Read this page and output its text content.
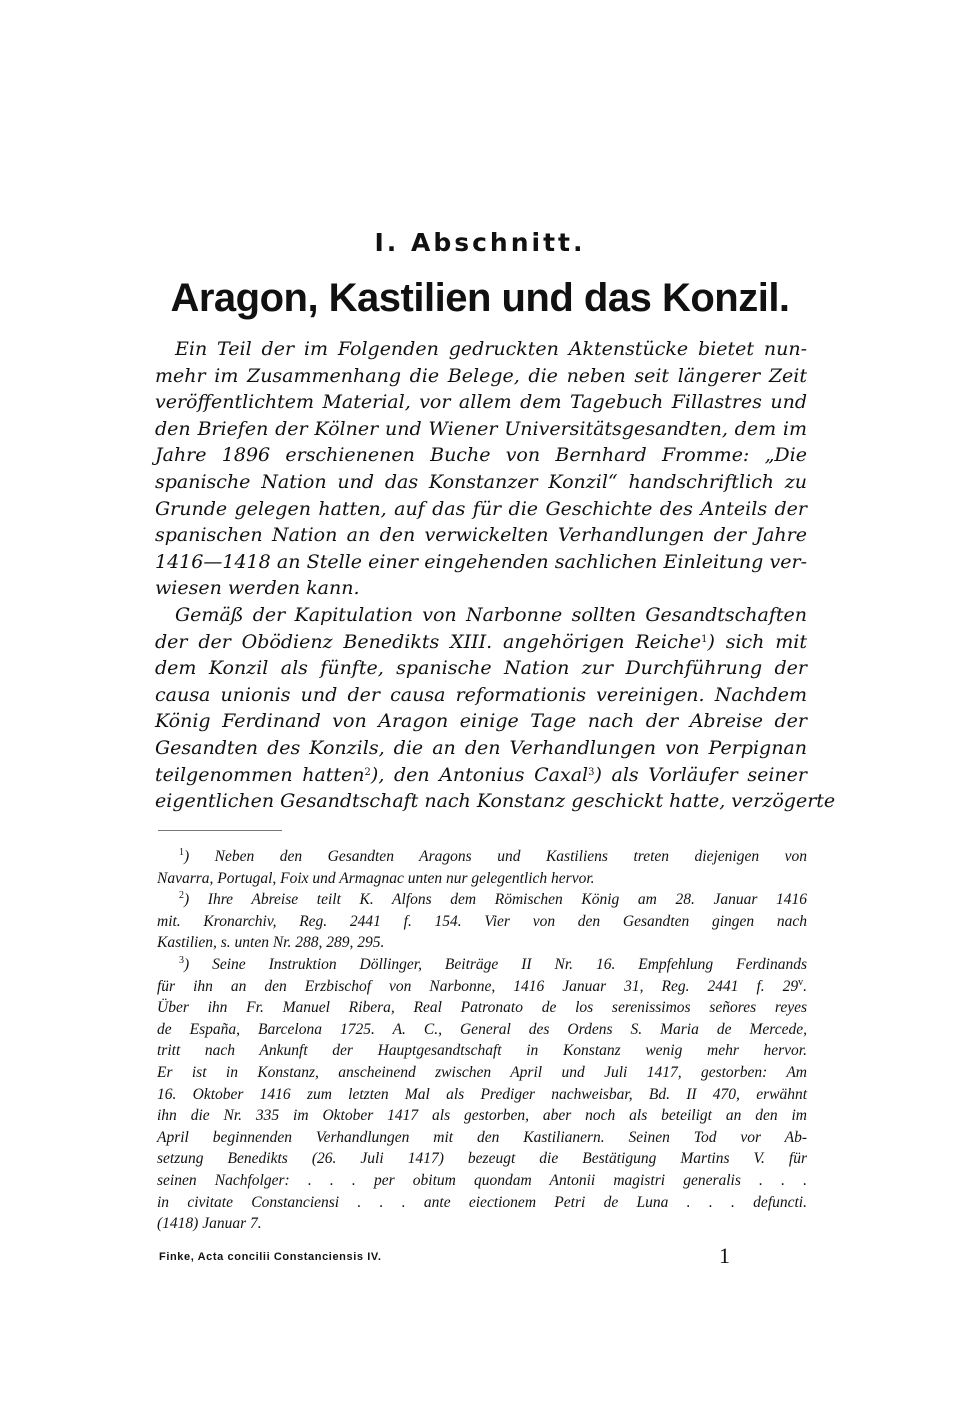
I. Abschnitt.
Aragon, Kastilien und das Konzil.
Ein Teil der im Folgenden gedruckten Aktenstücke bietet nun-
mehr im Zusammenhang die Belege, die neben seit längerer Zeit
veröffentlichtem Material, vor allem dem Tagebuch Fillastres und
den Briefen der Kölner und Wiener Universitätsgesandten, dem im
Jahre 1896 erschienenen Buche von Bernhard Fromme: „Die
spanische Nation und das Konstanzer Konzil“ handschriftlich zu
Grunde gelegen hatten, auf das für die Geschichte des Anteils der
spanischen Nation an den verwickelten Verhandlungen der Jahre
1416—1418 an Stelle einer eingehenden sachlichen Einleitung ver-
wiesen werden kann.
Gemäß der Kapitulation von Narbonne sollten Gesandtschaften
der der Obödienz Benedikts XIII. angehörigen Reiche$^1$) sich mit
dem Konzil als fünfte, spanische Nation zur Durchführung der
causa unionis und der causa reformationis vereinigen. Nachdem
König Ferdinand von Aragon einige Tage nach der Abreise der
Gesandten des Konzils, die an den Verhandlungen von Perpignan
teilgenommen hatten$^2$), den Antonius Caxal$^3$) als Vorläufer seiner
eigentlichen Gesandtschaft nach Konstanz geschickt hatte, verzögerte
$^1$) Neben den Gesandten Aragons und Kastiliens treten diejenigen von
Navarra, Portugal, Foix und Armagnac unten nur gelegentlich hervor.
$^2$) Ihre Abreise teilt K. Alfons dem Römischen König am 28. Januar 1416
mit. Kronarchiv, Reg. 2441 f. 154. Vier von den Gesandten gingen nach
Kastilien, s. unten Nr. 288, 289, 295.
$^3$) Seine Instruktion Döllinger, Beiträge II Nr. 16. Empfehlung Ferdinands
für ihn an den Erzbischof von Narbonne, 1416 Januar 31, Reg. 2441 f. 29$^v$.
Über ihn Fr. Manuel Ribera, Real Patronato de los serenissimos señores reyes
de España, Barcelona 1725. A. C., General des Ordens S. Maria de Mercede,
tritt nach Ankunft der Hauptgesandtschaft in Konstanz wenig mehr hervor.
Er ist in Konstanz, anscheinend zwischen April und Juli 1417, gestorben: Am
16. Oktober 1416 zum letzten Mal als Prediger nachweisbar, Bd. II 470, erwähnt
ihn die Nr. 335 im Oktober 1417 als gestorben, aber noch als beteiligt an den im
April beginnenden Verhandlungen mit den Kastilianern. Seinen Tod vor Ab-
setzung Benedikts (26. Juli 1417) bezeugt die Bestätigung Martins V. für
seinen Nachfolger: . . . per obitum quondam Antonii magistri generalis . . .
in civitate Constanciensi . . . ante eiectionem Petri de Luna . . . defuncti.
(1418) Januar 7.
Finke, Acta concilii Constanciensis IV.	1
